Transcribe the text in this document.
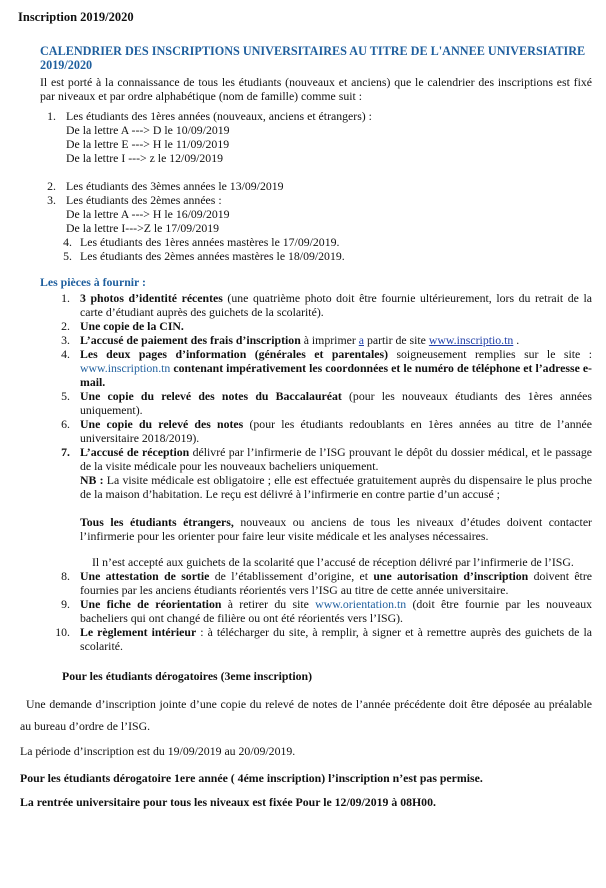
Inscription 2019/2020
CALENDRIER DES INSCRIPTIONS UNIVERSITAIRES AU TITRE DE L'ANNEE UNIVERSIATIRE 2019/2020

Il est porté à la connaissance de tous les étudiants (nouveaux et anciens) que le calendrier des inscriptions est fixé par niveaux et par ordre alphabétique (nom de famille) comme suit :

1. Les étudiants des 1ères années (nouveaux, anciens et étrangers) :
De la lettre A ---> D le 10/09/2019
De la lettre E ---> H le 11/09/2019
De la lettre I ---> z le 12/09/2019
2. Les étudiants des 3èmes années le 13/09/2019
3. Les étudiants des 2èmes années :
De la lettre A ---> H le 16/09/2019
De la lettre I--->Z le 17/09/2019
4. Les étudiants des 1ères années mastères le 17/09/2019.
5. Les étudiants des 2èmes années mastères le 18/09/2019.
Les pièces à fournir :
1. 3 photos d’identité récentes (une quatrième photo doit être fournie ultérieurement, lors du retrait de la carte d’étudiant auprès des guichets de la scolarité).
2. Une copie de la CIN.
3. L’accusé de paiement des frais d’inscription à imprimer a partir de site www.inscriptio.tn .
4. Les deux pages d’information (générales et parentales) soigneusement remplies sur le site : www.inscription.tn contenant impérativement les coordonnées et le numéro de téléphone et l’adresse e-mail.
5. Une copie du relevé des notes du Baccalauréat (pour les nouveaux étudiants des 1ères années uniquement).
6. Une copie du relevé des notes (pour les étudiants redoublants en 1ères années au titre de l’année universitaire 2018/2019).
7. L’accusé de réception délivré par l’infirmerie de l’ISG prouvant le dépôt du dossier médical, et le passage de la visite médicale pour les nouveaux bacheliers uniquement.
NB : La visite médicale est obligatoire ; elle est effectuée gratuitement auprès du dispensaire le plus proche de la maison d’habitation. Le reçu est délivré à l’infirmerie en contre partie d’un accusé ;
Tous les étudiants étrangers, nouveaux ou anciens de tous les niveaux d’études doivent contacter l’infirmerie pour les orienter pour faire leur visite médicale et les analyses nécessaires.
Il n’est accepté aux guichets de la scolarité que l’accusé de réception délivré par l’infirmerie de l’ISG.
8. Une attestation de sortie de l’établissement d’origine, et une autorisation d’inscription doivent être fournies par les anciens étudiants réorientés vers l’ISG au titre de cette année universitaire.
9. Une fiche de réorientation à retirer du site www.orientation.tn (doit être fournie par les nouveaux bacheliers qui ont changé de filière ou ont été réorientés vers l’ISG).
10. Le règlement intérieur : à télécharger du site, à remplir, à signer et à remettre auprès des guichets de la scolarité.
Pour les étudiants dérogatoires (3eme inscription)

Une demande d’inscription jointe d’une copie du relevé de notes de l’année précédente doit être déposée au préalable au bureau d’ordre de l’ISG.

La période d’inscription est du 19/09/2019 au 20/09/2019.

Pour les étudiants dérogatoire 1ere année ( 4éme inscription) l’inscription n’est pas permise.

La rentrée universitaire pour tous les niveaux est fixée Pour le 12/09/2019 à 08H00.
